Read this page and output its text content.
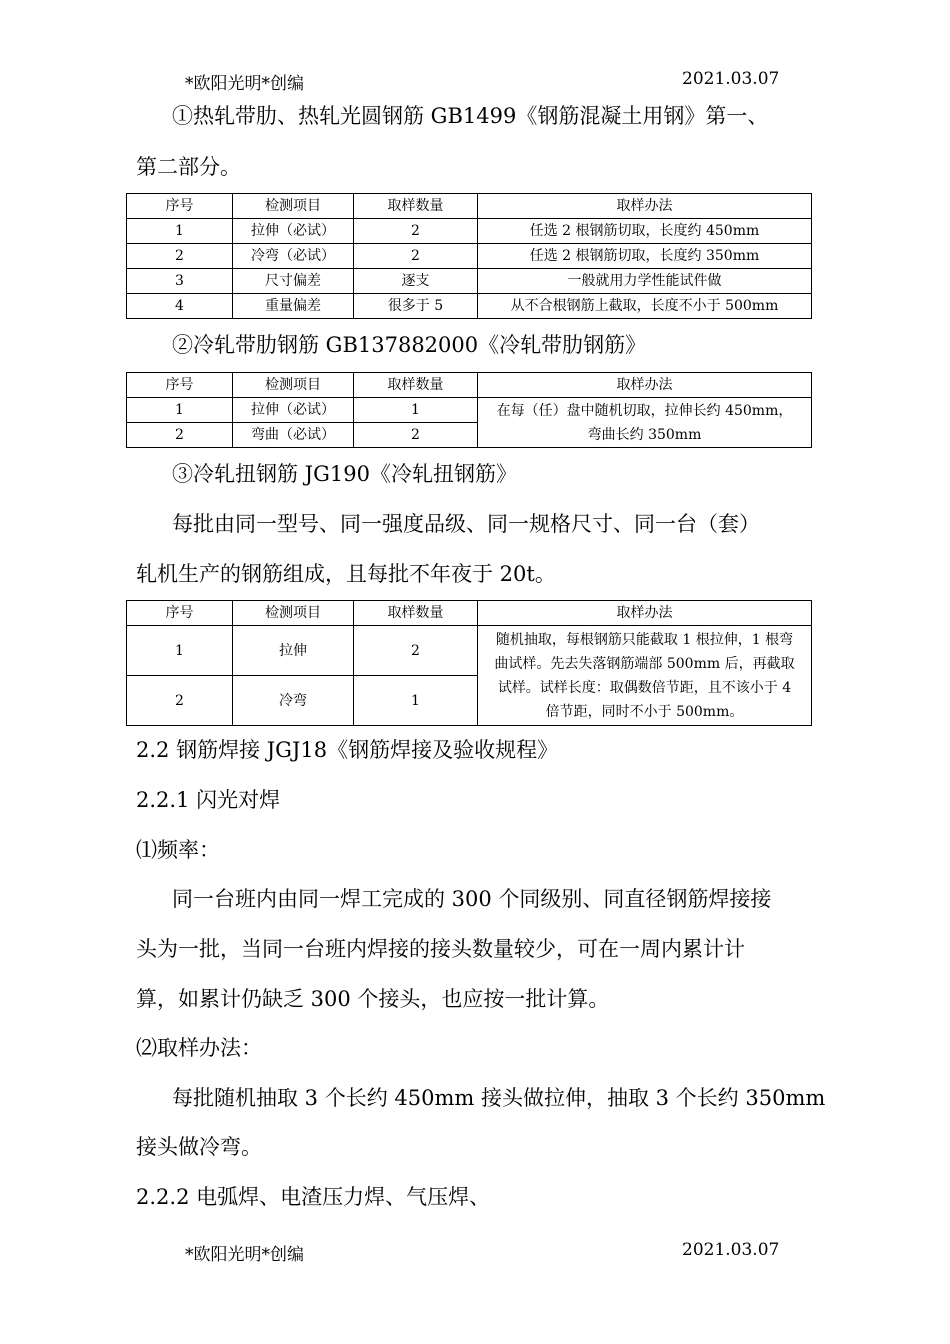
*欧阳光明*创编	2021.03.07
①热轧带肋、热轧光圆钢筋 GB1499《钢筋混凝土用钢》第一、
第二部分。
序号	检测项目	取样数量	取样办法
1	拉伸（必试）	2	任选 2 根钢筋切取，长度约 450mm
2	冷弯（必试）	2	任选 2 根钢筋切取，长度约 350mm
3	尺寸偏差	逐支	一般就用力学性能试件做
4	重量偏差	很多于 5	从不合根钢筋上截取，长度不小于 500mm
②冷轧带肋钢筋 GB137882000《冷轧带肋钢筋》
序号	检测项目	取样数量	取样办法
1	拉伸（必试）	1	在每（任）盘中随机切取，拉伸长约 450mm，
弯曲长约 350mm

2	弯曲（必试）	2	
③冷轧扭钢筋 JG190《冷轧扭钢筋》
每批由同一型号、同一强度品级、同一规格尺寸、同一台（套）
轧机生产的钢筋组成，且每批不年夜于 20t。
序号	检测项目	取样数量	取样办法
1	拉伸	2	随机抽取，每根钢筋只能截取 1 根拉伸，1 根弯
曲试样。先去失落钢筋端部 500mm 后，再截取
试样。试样长度：取偶数倍节距，且不该小于 4
倍节距，同时不小于 500mm。

2	冷弯	1	
2.2 钢筋焊接 JGJ18《钢筋焊接及验收规程》
2.2.1 闪光对焊
⑴频率：
同一台班内由同一焊工完成的 300 个同级别、同直径钢筋焊接接
头为一批，当同一台班内焊接的接头数量较少，可在一周内累计计
算，如累计仍缺乏 300 个接头，也应按一批计算。
⑵取样办法：
每批随机抽取 3 个长约 450mm 接头做拉伸，抽取 3 个长约 350mm
接头做冷弯。
2.2.2 电弧焊、电渣压力焊、气压焊、
*欧阳光明*创编	2021.03.07
